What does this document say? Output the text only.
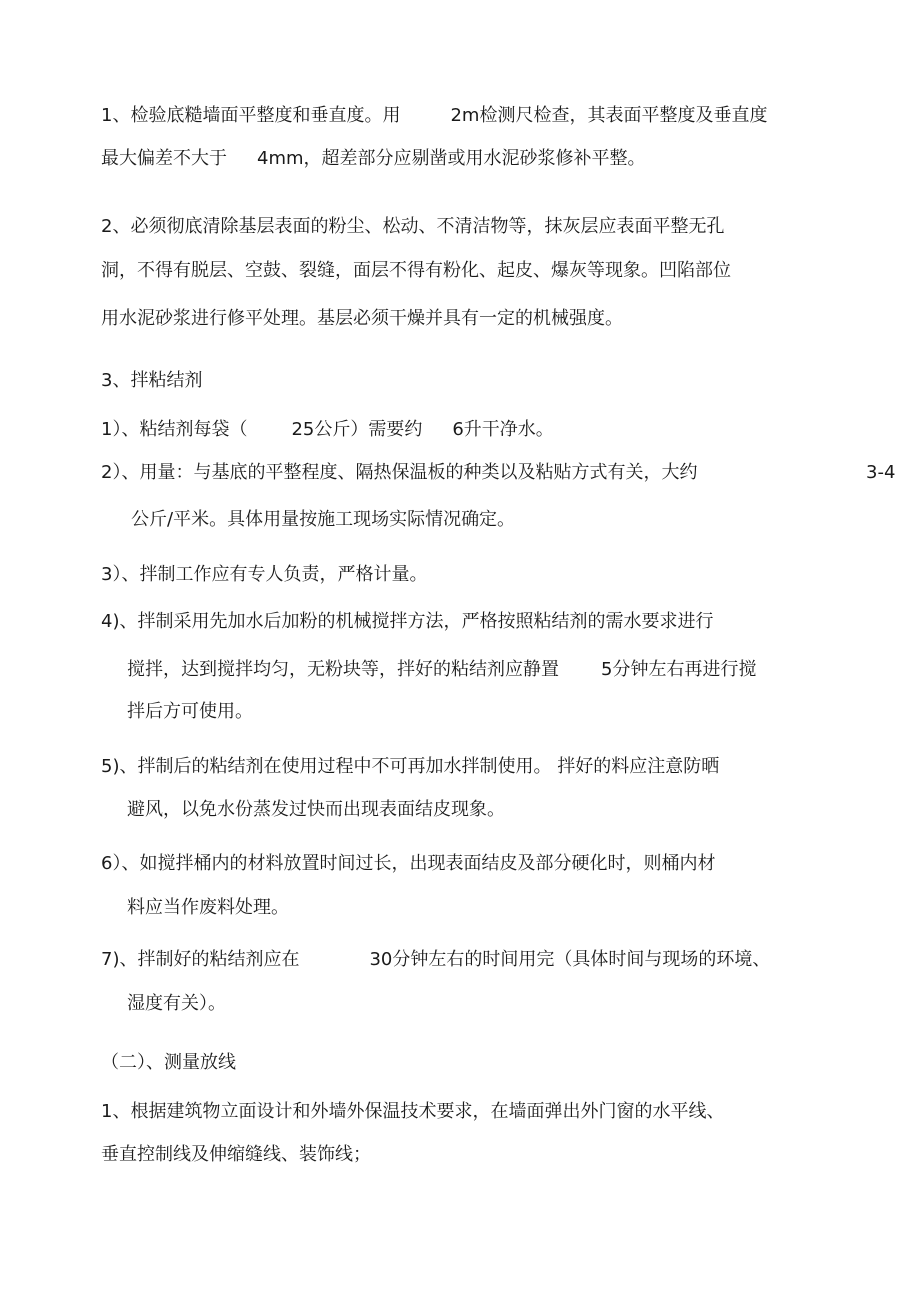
1、检验底糙墙面平整度和垂直度。用	2m检测尺检查，其表面平整度及垂直度
最大偏差不大于 4mm，超差部分应剔凿或用水泥砂浆修补平整。
2、必须彻底清除基层表面的粉尘、松动、不清洁物等，抹灰层应表面平整无孔
洞，不得有脱层、空鼓、裂缝，面层不得有粉化、起皮、爆灰等现象。凹陷部位
用水泥砂浆进行修平处理。基层必须干燥并具有一定的机械强度。
3、拌粘结剂
1）、粘结剂每袋（ 25公斤）需要约 6升干净水。
2）、用量：与基底的平整程度、隔热保温板的种类以及粘贴方式有关，大约	3-4
公斤/平米。具体用量按施工现场实际情况确定。
3）、拌制工作应有专人负责，严格计量。
4)、拌制采用先加水后加粉的机械搅拌方法，严格按照粘结剂的需水要求进行
搅拌，达到搅拌均匀，无粉块等，拌好的粘结剂应静置 5分钟左右再进行搅
拌后方可使用。
5)、拌制后的粘结剂在使用过程中不可再加水拌制使用。 拌好的料应注意防晒
避风，以免水份蒸发过快而出现表面结皮现象。
6）、如搅拌桶内的材料放置时间过长，出现表面结皮及部分硬化时，则桶内材
料应当作废料处理。
7)、拌制好的粘结剂应在	30分钟左右的时间用完（具体时间与现场的环境、
湿度有关）。
（二）、测量放线
1、根据建筑物立面设计和外墙外保温技术要求，在墙面弹出外门窗的水平线、
垂直控制线及伸缩缝线、装饰线；
